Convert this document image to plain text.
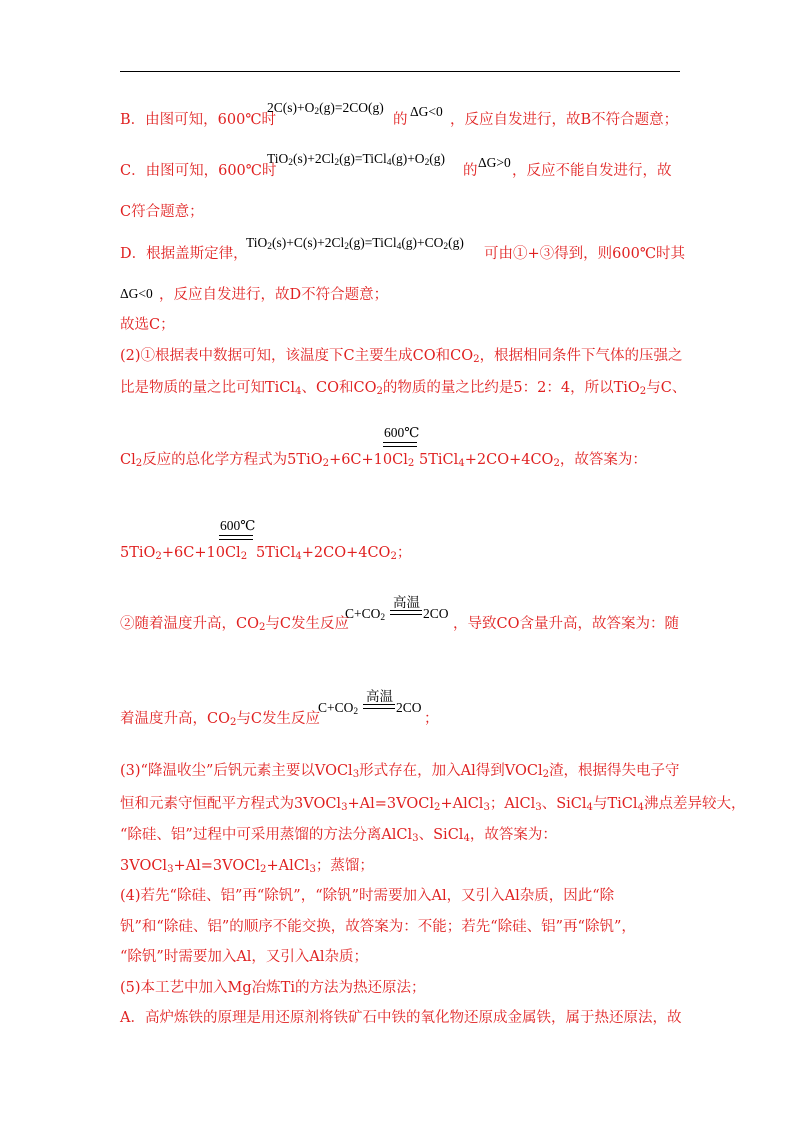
B．由图可知，600℃时
$2C(s)+O_2(g)=2CO(g)$
的
ΔG<0
，反应自发进行，故B不符合题意；
C．由图可知，600℃时
$TiO_2(s)+2Cl_2(g)=TiCl_4(g)+O_2(g)$
的
ΔG>0
，反应不能自发进行，故
C符合题意；
D．根据盖斯定律，
$TiO_2(s)+C(s)+2Cl_2(g)=TiCl_4(g)+CO_2(g)$
可由①+③得到，则600℃时其
ΔG<0 ，反应自发进行，故D不符合题意；
故选C；
(2)①根据表中数据可知，该温度下C主要生成CO和$CO_2$，根据相同条件下气体的压强之
比是物质的量之比可知TiCl$_4$、CO和$CO_2$的物质的量之比约是5：2：4，所以TiO$_2$与C、
600℃
$Cl_2$反应的总化学方程式为$5TiO_2+6C+10Cl_2$ $5TiCl_4+2CO+4CO_2$，故答案为：
600℃
$5TiO_2+6C+10Cl_2$ $5TiCl_4+2CO+4CO_2$；
②随着温度升高，$CO_2$与C发生反应
$C+CO_2$
高温
2CO
，导致CO含量升高，故答案为：随
着温度升高，$CO_2$与C发生反应
$C+CO_2$
高温
2CO
；
(3)“降温收尘”后钒元素主要以VOCl$_3$形式存在，加入Al得到VOCl$_2$渣，根据得失电子守
恒和元素守恒配平方程式为3VOCl$_3$+Al=3VOCl$_2$+AlCl$_3$；AlCl$_3$、SiCl$_4$与TiCl$_4$沸点差异较大，
“除硅、铝”过程中可采用蒸馏的方法分离AlCl$_3$、SiCl$_4$，故答案为：
3VOCl$_3$+Al=3VOCl$_2$+AlCl$_3$；蒸馏；
(4)若先“除硅、铝”再“除钒”，“除钒”时需要加入Al，又引入Al杂质，因此“除
钒”和“除硅、铝”的顺序不能交换，故答案为：不能；若先“除硅、铝”再“除钒”，
“除钒”时需要加入Al，又引入Al杂质；
(5)本工艺中加入Mg冶炼Ti的方法为热还原法；
A．高炉炼铁的原理是用还原剂将铁矿石中铁的氧化物还原成金属铁，属于热还原法，故
